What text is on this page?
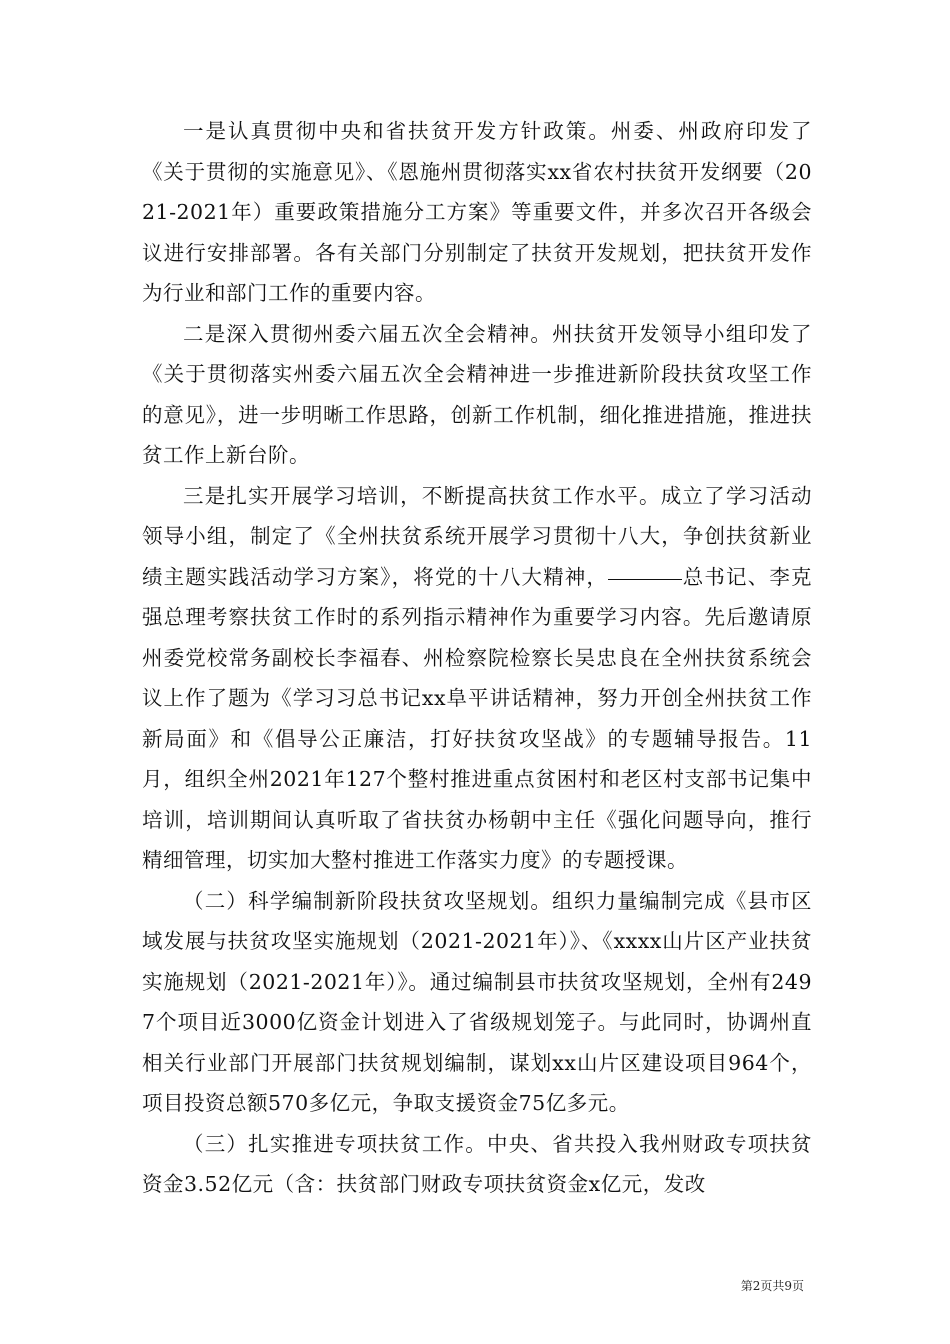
一是认真贯彻中央和省扶贫开发方针政策。州委、州政府印发了《关于贯彻的实施意见》、《恩施州贯彻落实xx省农村扶贫开发纲要（2021-2021年）重要政策措施分工方案》等重要文件，并多次召开各级会议进行安排部署。各有关部门分别制定了扶贫开发规划，把扶贫开发作为行业和部门工作的重要内容。

二是深入贯彻州委六届五次全会精神。州扶贫开发领导小组印发了《关于贯彻落实州委六届五次全会精神进一步推进新阶段扶贫攻坚工作的意见》，进一步明晰工作思路，创新工作机制，细化推进措施，推进扶贫工作上新台阶。

三是扎实开展学习培训，不断提高扶贫工作水平。成立了学习活动领导小组，制定了《全州扶贫系统开展学习贯彻十八大，争创扶贫新业绩主题实践活动学习方案》，将党的十八大精神，	总书记、李克强总理考察扶贫工作时的系列指示精神作为重要学习内容。先后邀请原州委党校常务副校长李福春、州检察院检察长吴忠良在全州扶贫系统会议上作了题为《学习习总书记xx阜平讲话精神，努力开创全州扶贫工作新局面》和《倡导公正廉洁，打好扶贫攻坚战》的专题辅导报告。11月，组织全州2021年127个整村推进重点贫困村和老区村支部书记集中培训，培训期间认真听取了省扶贫办杨朝中主任《强化问题导向，推行精细管理，切实加大整村推进工作落实力度》的专题授课。

（二）科学编制新阶段扶贫攻坚规划。组织力量编制完成《县市区域发展与扶贫攻坚实施规划（2021-2021年）》、《xxxx山片区产业扶贫实施规划（2021-2021年）》。通过编制县市扶贫攻坚规划，全州有2497个项目近3000亿资金计划进入了省级规划笼子。与此同时，协调州直相关行业部门开展部门扶贫规划编制，谋划xx山片区建设项目964个，项目投资总额570多亿元，争取支援资金75亿多元。

（三）扎实推进专项扶贫工作。中央、省共投入我州财政专项扶贫资金3.52亿元（含：扶贫部门财政专项扶贫资金x亿元，发改

第2页共9页
